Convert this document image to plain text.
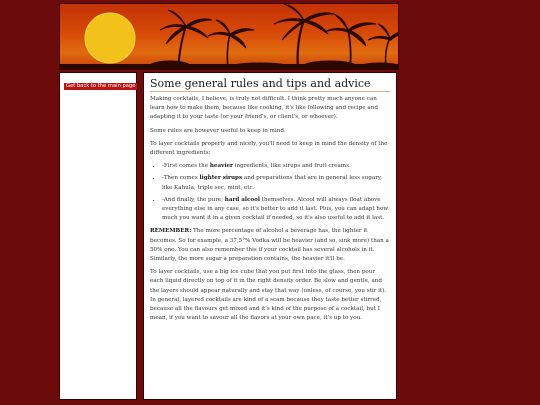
Get back to the main page Some general rules and tips and advice

Making cocktails, I believe, is truly not difficult. I think pretty much anyone can learn how to make them, because like cooking, it's like following and recipe and adapting it to your taste (or your friend's, or client's, or whoever).

Some rules are however useful to keep in mind.

To layer cocktails properly and nicely, you'll need to keep in mind the density of the different ingredients:

• -First comes the heavier ingredients, like sirups and fruit creams.
• -Then comes lighter sirups and preparations that are in general less sugary, like Kahula, triple sec, mint, etc.
• -And finally, the pure, hard alcool themselves. Alcool will always float above everything else in any case, so it's better to add it last. Plus, you can adapt how much you want it in a given cocktail if needed, so it's also useful to add it last.

REMEMBER: The more percentage of alcohol a beverage has, the lighter it becomes. So for example, a 37,5°% Vodka will be heavier (and so, sink more) than a 50% one. You can also remember this if your cocktail has several alcohols in it. Similarly, the more sugar a preparation contains, the heavier it'll be.

To layer cocktails, use a big ice cube that you put first into the glass, then pour each liquid directly on top of it in the right density order. Be slow and gentle, and the layers should appear naturally and stay that way (unless, of course, you stir it). In general, layered cocktails are kind of a scam because they taste better stirred, because all the flavours get mixed and it's kind of the purpose of a cocktail, but I mean, if you want to savour all the flavors at your own pace, it's up to you.
